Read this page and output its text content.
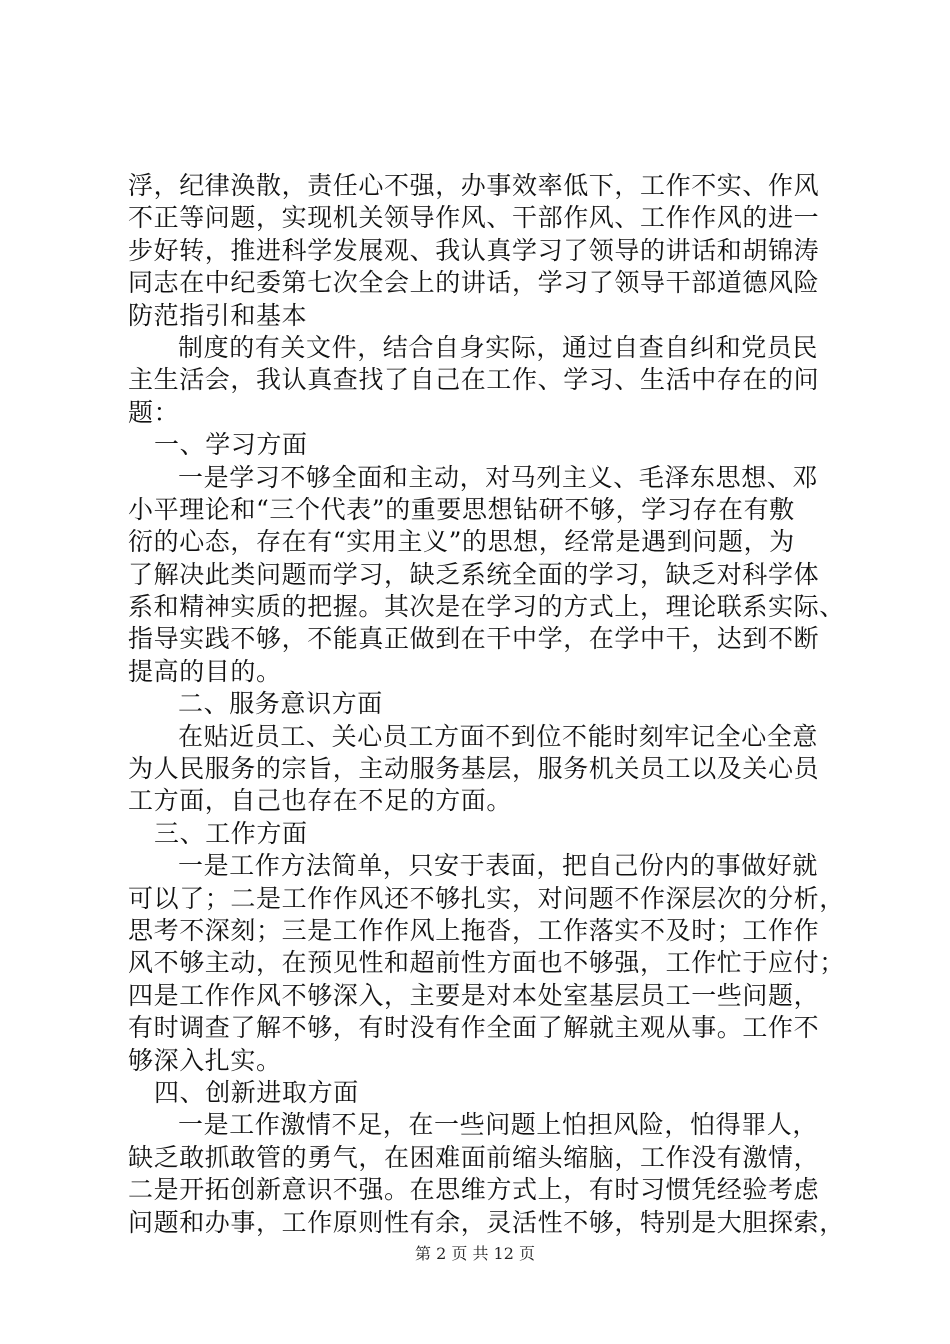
浮，纪律涣散，责任心不强，办事效率低下，工作不实、作风
不正等问题，实现机关领导作风、干部作风、工作作风的进一
步好转，推进科学发展观、我认真学习了领导的讲话和胡锦涛
同志在中纪委第七次全会上的讲话，学习了领导干部道德风险
防范指引和基本
制度的有关文件，结合自身实际，通过自查自纠和党员民
主生活会，我认真查找了自己在工作、学习、生活中存在的问
题：
一、学习方面
一是学习不够全面和主动，对马列主义、毛泽东思想、邓
小平理论和“三个代表”的重要思想钻研不够，学习存在有敷
衍的心态，存在有“实用主义”的思想，经常是遇到问题，为
了解决此类问题而学习，缺乏系统全面的学习，缺乏对科学体
系和精神实质的把握。其次是在学习的方式上，理论联系实际、
指导实践不够，不能真正做到在干中学，在学中干，达到不断
提高的目的。
二、服务意识方面
在贴近员工、关心员工方面不到位不能时刻牢记全心全意
为人民服务的宗旨，主动服务基层，服务机关员工以及关心员
工方面，自己也存在不足的方面。
三、工作方面
一是工作方法简单，只安于表面，把自己份内的事做好就
可以了；二是工作作风还不够扎实，对问题不作深层次的分析，
思考不深刻；三是工作作风上拖沓，工作落实不及时；工作作
风不够主动，在预见性和超前性方面也不够强，工作忙于应付；
四是工作作风不够深入，主要是对本处室基层员工一些问题，
有时调查了解不够，有时没有作全面了解就主观从事。工作不
够深入扎实。
四、创新进取方面
一是工作激情不足，在一些问题上怕担风险，怕得罪人，
缺乏敢抓敢管的勇气，在困难面前缩头缩脑，工作没有激情，
二是开拓创新意识不强。在思维方式上，有时习惯凭经验考虑
问题和办事，工作原则性有余，灵活性不够，特别是大胆探索，
第 2 页 共 12 页
